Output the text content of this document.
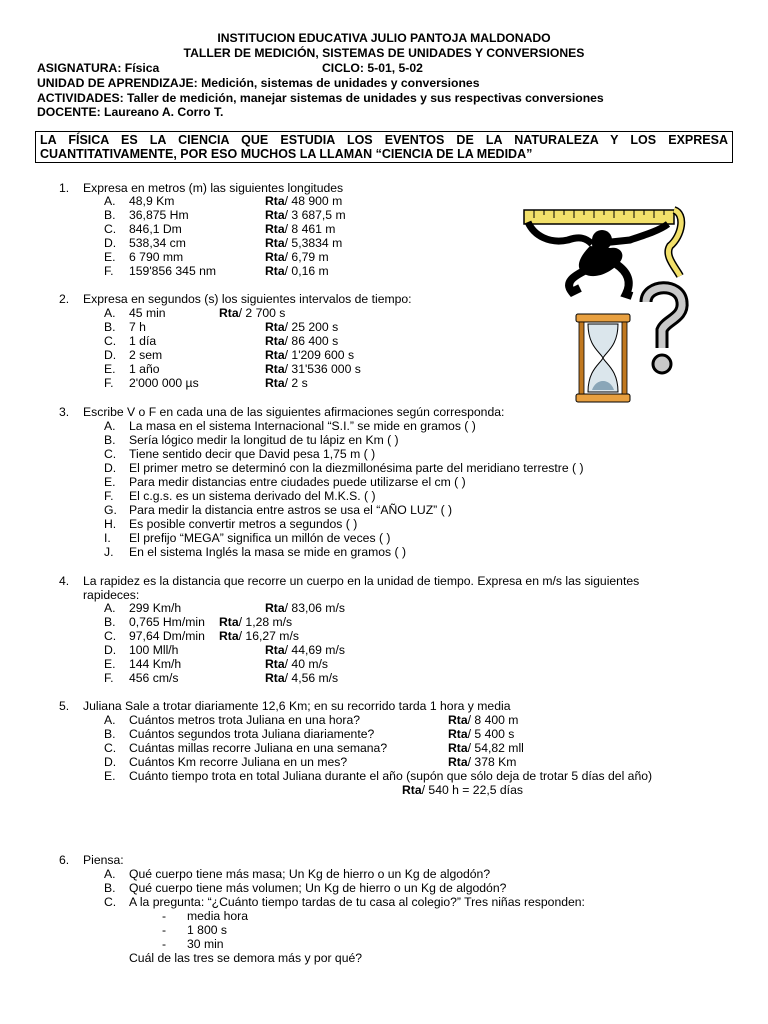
INSTITUCION EDUCATIVA JULIO PANTOJA MALDONADO
TALLER DE MEDICIÓN, SISTEMAS DE UNIDADES Y CONVERSIONES
ASIGNATURA: Física	CICLO: 5-01, 5-02
UNIDAD DE APRENDIZAJE: Medición, sistemas de unidades y conversiones
ACTIVIDADES: Taller de medición, manejar sistemas de unidades y sus respectivas conversiones
DOCENTE: Laureano A. Corro T.
LA FÍSICA ES LA CIENCIA QUE ESTUDIA LOS EVENTOS DE LA NATURALEZA Y LOS EXPRESA
CUANTITATIVAMENTE, POR ESO MUCHOS LA LLAMAN “CIENCIA DE LA MEDIDA”
1. Expresa en metros (m) las siguientes longitudes
A. 48,9 Km	Rta/ 48 900 m
B. 36,875 Hm	Rta/ 3 687,5 m
C. 846,1 Dm	Rta/ 8 461 m
D. 538,34 cm	Rta/ 5,3834 m
E. 6 790 mm	Rta/ 6,79 m
F. 159'856 345 nm	Rta/ 0,16 m
2. Expresa en segundos (s) los siguientes intervalos de tiempo:
A. 45 min	Rta/ 2 700 s
B. 7 h	Rta/ 25 200 s
C. 1 día	Rta/ 86 400 s
D. 2 sem	Rta/ 1'209 600 s
E. 1 año	Rta/ 31'536 000 s
F. 2'000 000 µs	Rta/ 2 s
3. Escribe V o F en cada una de las siguientes afirmaciones según corresponda:
A. La masa en el sistema Internacional “S.I.” se mide en gramos ( )
B. Sería lógico medir la longitud de tu lápiz en Km ( )
C. Tiene sentido decir que David pesa 1,75 m ( )
D. El primer metro se determinó con la diezmillonésima parte del meridiano terrestre ( )
E. Para medir distancias entre ciudades puede utilizarse el cm ( )
F. El c.g.s. es un sistema derivado del M.K.S. ( )
G. Para medir la distancia entre astros se usa el “AÑO LUZ” ( )
H. Es posible convertir metros a segundos ( )
I. El prefijo “MEGA” significa un millón de veces ( )
J. En el sistema Inglés la masa se mide en gramos ( )
4. La rapidez es la distancia que recorre un cuerpo en la unidad de tiempo. Expresa en m/s las siguientes
rapideces:
A. 299 Km/h	Rta/ 83,06 m/s
B. 0,765 Hm/min Rta/ 1,28 m/s
C. 97,64 Dm/min Rta/ 16,27 m/s
D. 100 Mll/h	Rta/ 44,69 m/s
E. 144 Km/h	Rta/ 40 m/s
F. 456 cm/s	Rta/ 4,56 m/s
5. Juliana Sale a trotar diariamente 12,6 Km; en su recorrido tarda 1 hora y media
A. Cuántos metros trota Juliana en una hora?	Rta/ 8 400 m
B. Cuántos segundos trota Juliana diariamente?	Rta/ 5 400 s
C. Cuántas millas recorre Juliana en una semana?	Rta/ 54,82 mll
D. Cuántos Km recorre Juliana en un mes?	Rta/ 378 Km
E. Cuánto tiempo trota en total Juliana durante el año (supón que sólo deja de trotar 5 días del año)
Rta/ 540 h = 22,5 días
6. Piensa:
A. Qué cuerpo tiene más masa; Un Kg de hierro o un Kg de algodón?
B. Qué cuerpo tiene más volumen; Un Kg de hierro o un Kg de algodón?
C. A la pregunta: “¿Cuánto tiempo tardas de tu casa al colegio?” Tres niñas responden:
- media hora
- 1 800 s
- 30 min
Cuál de las tres se demora más y por qué?
